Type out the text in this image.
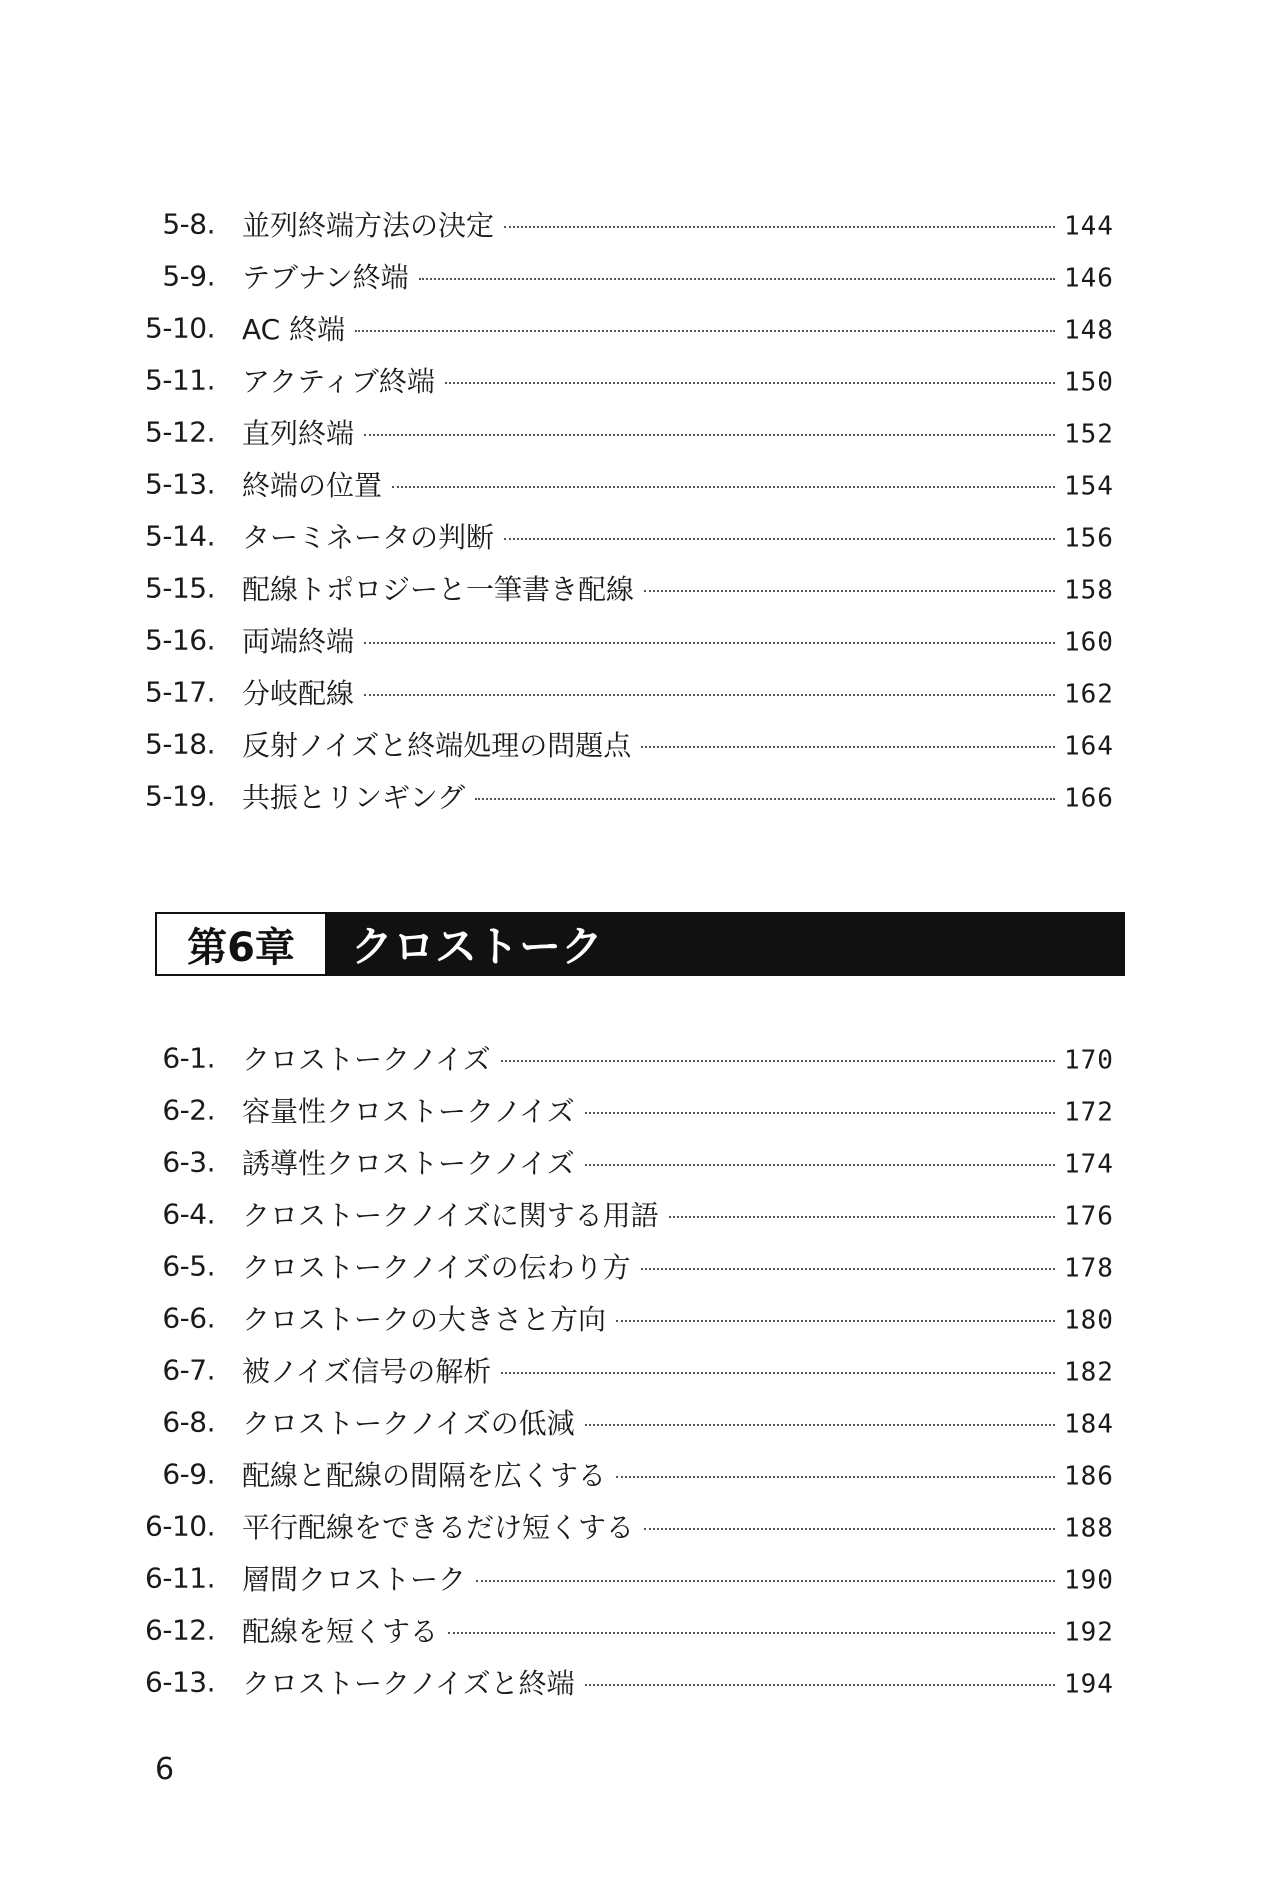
5-8. 並列終端方法の決定	144
5-9. テブナン終端	146
5-10. AC 終端	148
5-11. アクティブ終端	150
5-12. 直列終端	152
5-13. 終端の位置	154
5-14. ターミネータの判断	156
5-15. 配線トポロジーと一筆書き配線	158
5-16. 両端終端	160
5-17. 分岐配線	162
5-18. 反射ノイズと終端処理の問題点	164
5-19. 共振とリンギング	166
第6章	クロストーク
6-1. クロストークノイズ	170
6-2. 容量性クロストークノイズ	172
6-3. 誘導性クロストークノイズ	174
6-4. クロストークノイズに関する用語	176
6-5. クロストークノイズの伝わり方	178
6-6. クロストークの大きさと方向	180
6-7. 被ノイズ信号の解析	182
6-8. クロストークノイズの低減	184
6-9. 配線と配線の間隔を広くする	186
6-10. 平行配線をできるだけ短くする	188
6-11. 層間クロストーク	190
6-12. 配線を短くする	192
6-13. クロストークノイズと終端	194
6
